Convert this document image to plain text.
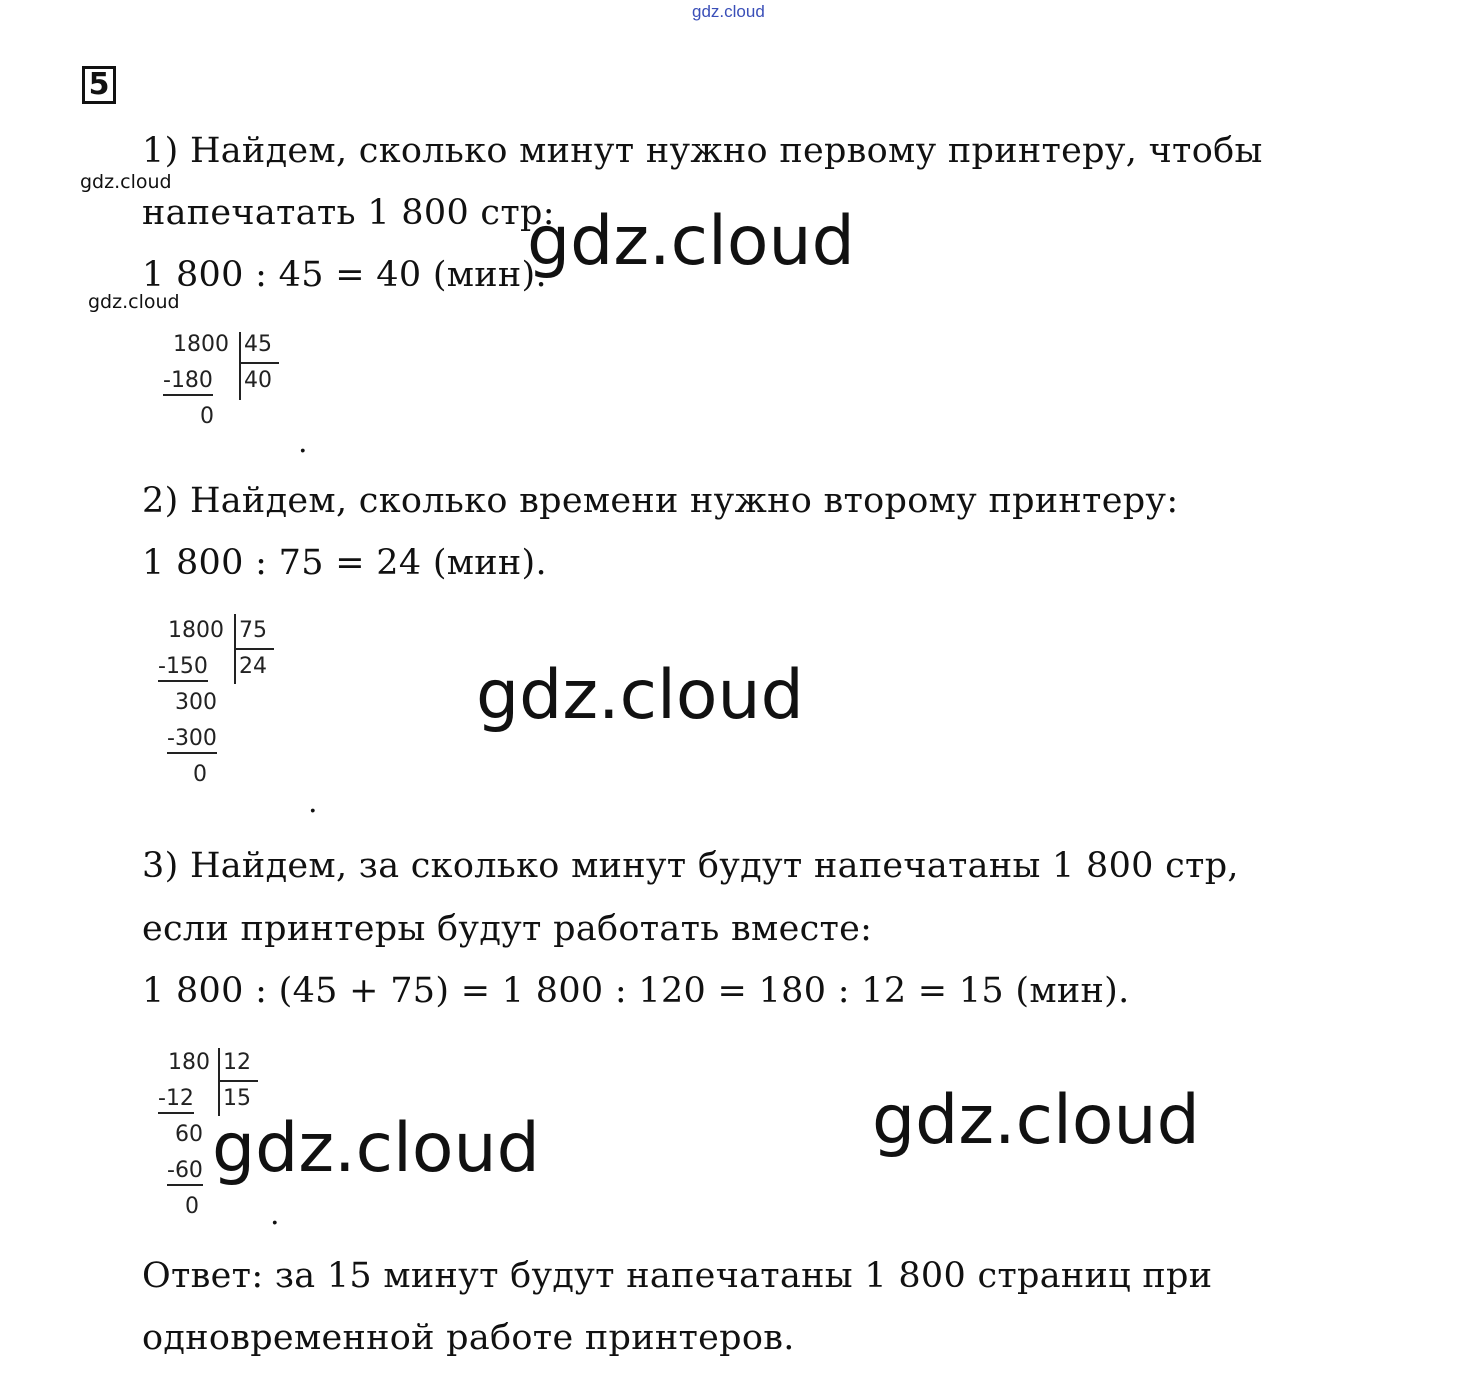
gdz.cloud
gdz.cloud
gdz.cloud
5
1) Найдем, сколько минут нужно первому принтеру, чтобы
напечатать 1 800 стр:
1 800 : 45 = 40 (мин).
1800 45
-180 40
0
.
gdz.cloud
2) Найдем, сколько времени нужно второму принтеру:
1 800 : 75 = 24 (мин).
1800 75
-150 24
300
-300
0
.
gdz.cloud
3) Найдем, за сколько минут будут напечатаны 1 800 стр,
если принтеры будут работать вместе:
1 800 : (45 + 75) = 1 800 : 120 = 180 : 12 = 15 (мин).
180 12
-12 15
60
-60
0 .
gdz.cloud	gdz.cloud
Ответ: за 15 минут будут напечатаны 1 800 страниц при
одновременной работе принтеров.
